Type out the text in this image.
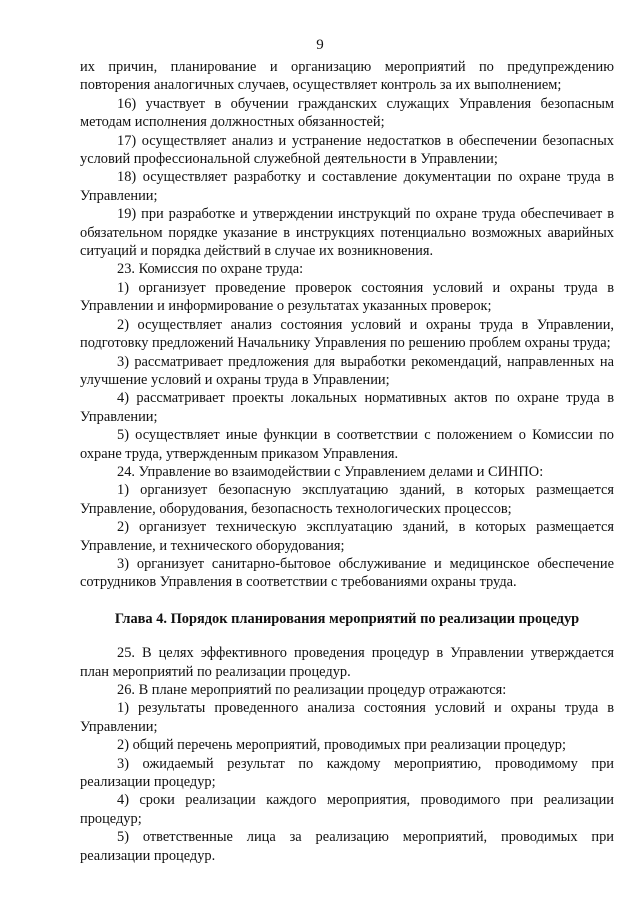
9

их причин, планирование и организацию мероприятий по предупреждению повторения аналогичных случаев, осуществляет контроль за их выполнением;

16) участвует в обучении гражданских служащих Управления безопасным методам исполнения должностных обязанностей;

17) осуществляет анализ и устранение недостатков в обеспечении безопасных условий профессиональной служебной деятельности в Управлении;

18) осуществляет разработку и составление документации по охране труда в Управлении;

19) при разработке и утверждении инструкций по охране труда обеспечивает в обязательном порядке указание в инструкциях потенциально возможных аварийных ситуаций и порядка действий в случае их возникновения.

23. Комиссия по охране труда:

1) организует проведение проверок состояния условий и охраны труда в Управлении и информирование о результатах указанных проверок;

2) осуществляет анализ состояния условий и охраны труда в Управлении, подготовку предложений Начальнику Управления по решению проблем охраны труда;

3) рассматривает предложения для выработки рекомендаций, направленных на улучшение условий и охраны труда в Управлении;

4) рассматривает проекты локальных нормативных актов по охране труда в Управлении;

5) осуществляет иные функции в соответствии с положением о Комиссии по охране труда, утвержденным приказом Управления.

24. Управление во взаимодействии с Управлением делами и СИНПО:

1) организует безопасную эксплуатацию зданий, в которых размещается Управление, оборудования, безопасность технологических процессов;

2) организует техническую эксплуатацию зданий, в которых размещается Управление, и технического оборудования;

3) организует санитарно-бытовое обслуживание и медицинское обеспечение сотрудников Управления в соответствии с требованиями охраны труда.

Глава 4. Порядок планирования мероприятий по реализации процедур

25. В целях эффективного проведения процедур в Управлении утверждается план мероприятий по реализации процедур.

26. В плане мероприятий по реализации процедур отражаются:

1) результаты проведенного анализа состояния условий и охраны труда в Управлении;

2) общий перечень мероприятий, проводимых при реализации процедур;

3) ожидаемый результат по каждому мероприятию, проводимому при реализации процедур;

4) сроки реализации каждого мероприятия, проводимого при реализации процедур;

5) ответственные лица за реализацию мероприятий, проводимых при реализации процедур.
